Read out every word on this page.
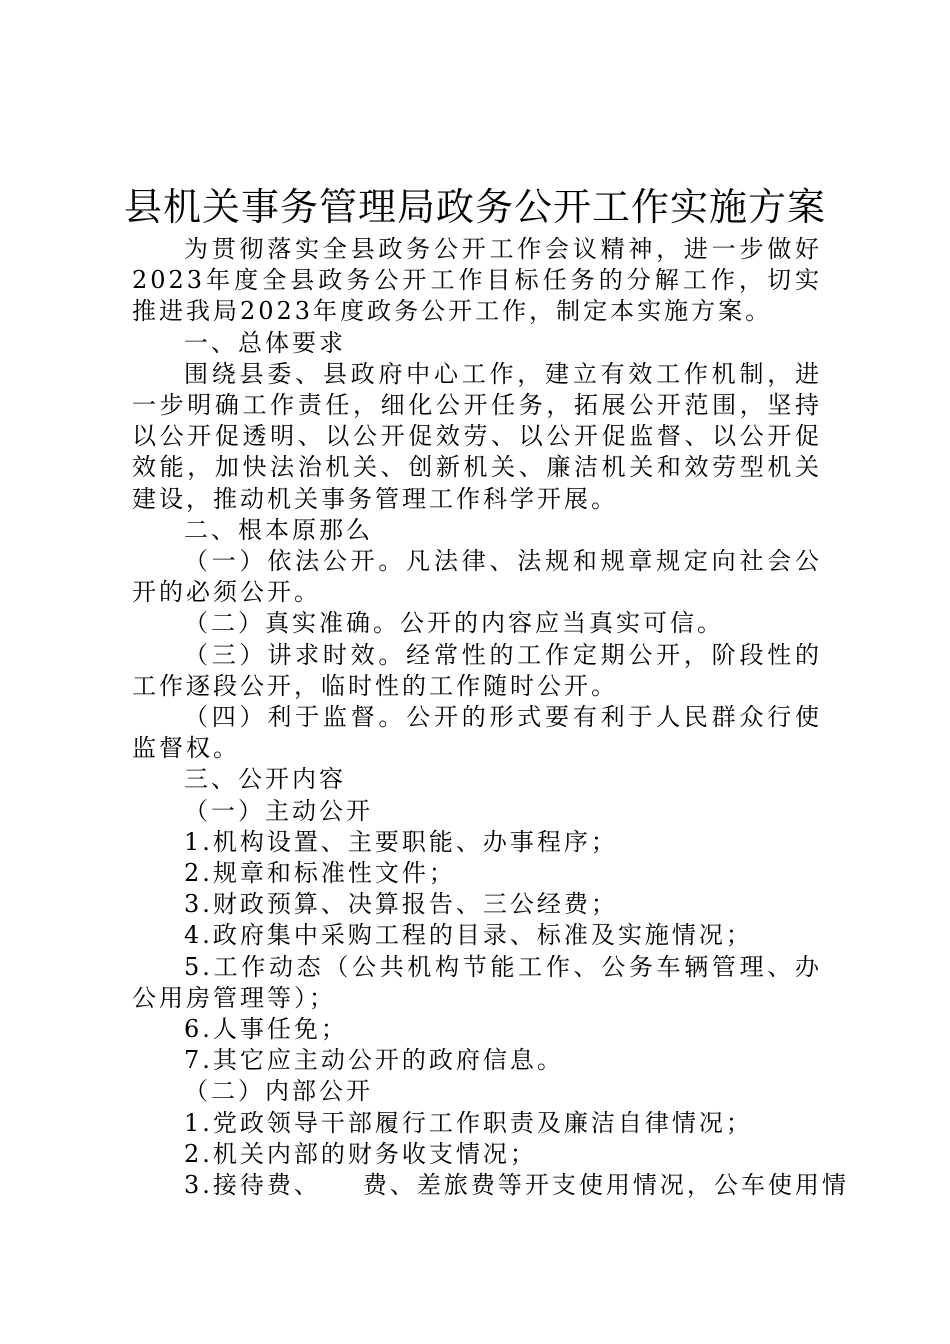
县机关事务管理局政务公开工作实施方案

为贯彻落实全县政务公开工作会议精神，进一步做好2023年度全县政务公开工作目标任务的分解工作，切实推进我局2023年度政务公开工作，制定本实施方案。

一、总体要求

围绕县委、县政府中心工作，建立有效工作机制，进一步明确工作责任，细化公开任务，拓展公开范围，坚持以公开促透明、以公开促效劳、以公开促监督、以公开促效能，加快法治机关、创新机关、廉洁机关和效劳型机关建设，推动机关事务管理工作科学开展。

二、根本原那么

（一）依法公开。凡法律、法规和规章规定向社会公开的必须公开。

（二）真实准确。公开的内容应当真实可信。

（三）讲求时效。经常性的工作定期公开，阶段性的工作逐段公开，临时性的工作随时公开。

（四）利于监督。公开的形式要有利于人民群众行使监督权。

三、公开内容

（一）主动公开

1.机构设置、主要职能、办事程序；

2.规章和标准性文件；

3.财政预算、决算报告、三公经费；

4.政府集中采购工程的目录、标准及实施情况；

5.工作动态（公共机构节能工作、公务车辆管理、办公用房管理等）；

6.人事任免；

7.其它应主动公开的政府信息。

（二）内部公开

1.党政领导干部履行工作职责及廉洁自律情况；

2.机关内部的财务收支情况；

3.接待费、　　费、差旅费等开支使用情况，公车使用情
